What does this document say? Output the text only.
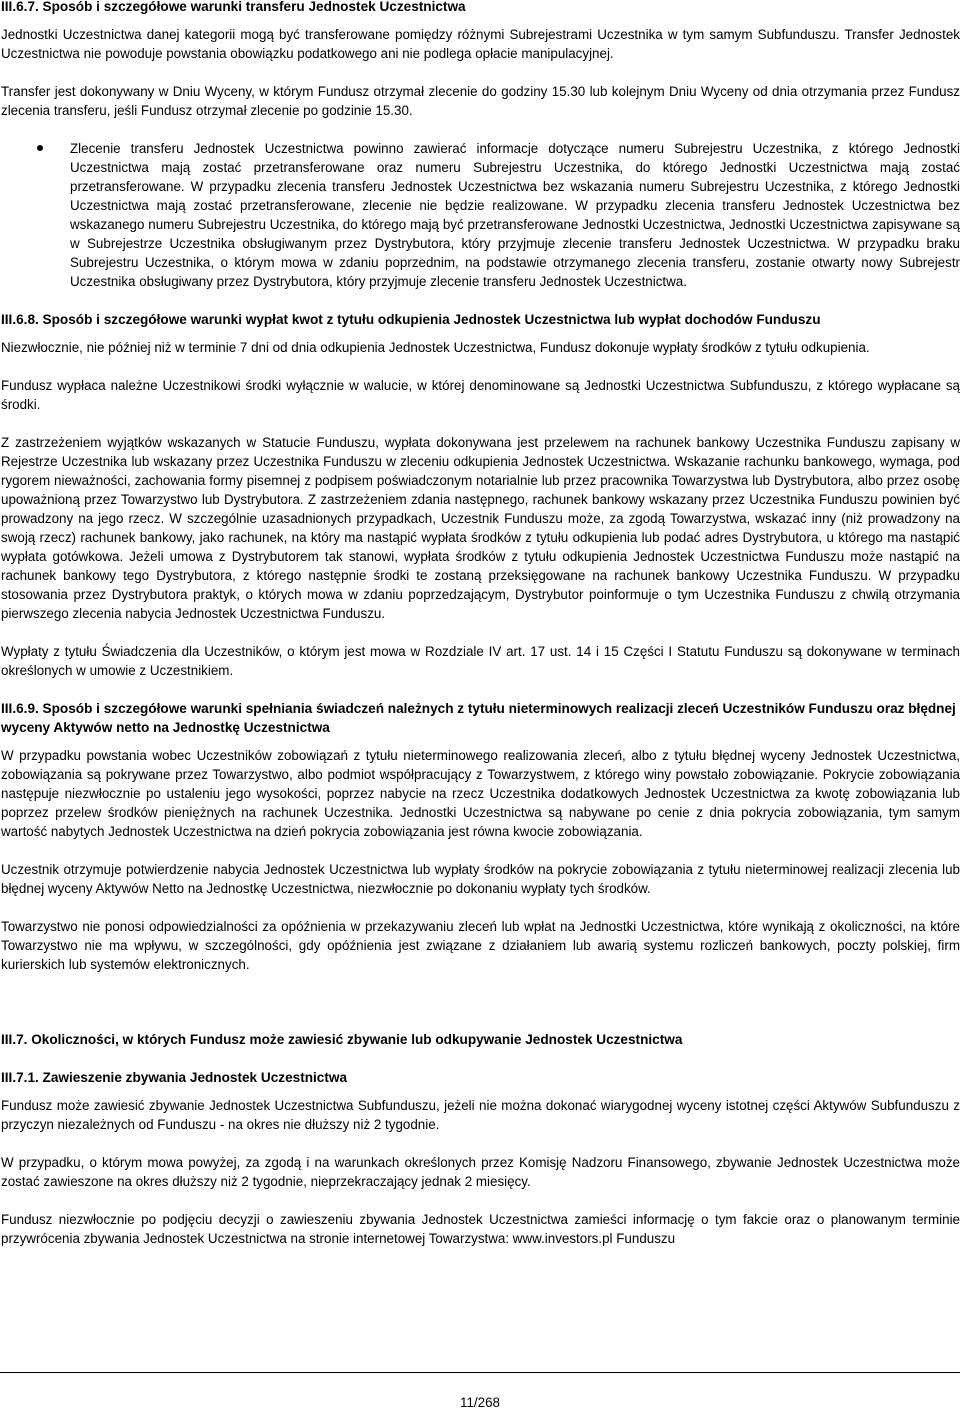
III.6.7. Sposób i szczegółowe warunki transferu Jednostek Uczestnictwa

Jednostki Uczestnictwa danej kategorii mogą być transferowane pomiędzy różnymi Subrejestrami Uczestnika w tym samym Subfunduszu. Transfer Jednostek Uczestnictwa nie powoduje powstania obowiązku podatkowego ani nie podlega opłacie manipulacyjnej.

Transfer jest dokonywany w Dniu Wyceny, w którym Fundusz otrzymał zlecenie do godziny 15.30 lub kolejnym Dniu Wyceny od dnia otrzymania przez Fundusz zlecenia transferu, jeśli Fundusz otrzymał zlecenie po godzinie 15.30.

Zlecenie transferu Jednostek Uczestnictwa powinno zawierać informacje dotyczące numeru Subrejestru Uczestnika, z którego Jednostki Uczestnictwa mają zostać przetransferowane oraz numeru Subrejestru Uczestnika, do którego Jednostki Uczestnictwa mają zostać przetransferowane. W przypadku zlecenia transferu Jednostek Uczestnictwa bez wskazania numeru Subrejestru Uczestnika, z którego Jednostki Uczestnictwa mają zostać przetransferowane, zlecenie nie będzie realizowane. W przypadku zlecenia transferu Jednostek Uczestnictwa bez wskazanego numeru Subrejestru Uczestnika, do którego mają być przetransferowane Jednostki Uczestnictwa, Jednostki Uczestnictwa zapisywane są w Subrejestrze Uczestnika obsługiwanym przez Dystrybutora, który przyjmuje zlecenie transferu Jednostek Uczestnictwa. W przypadku braku Subrejestru Uczestnika, o którym mowa w zdaniu poprzednim, na podstawie otrzymanego zlecenia transferu, zostanie otwarty nowy Subrejestr Uczestnika obsługiwany przez Dystrybutora, który przyjmuje zlecenie transferu Jednostek Uczestnictwa.

III.6.8. Sposób i szczegółowe warunki wypłat kwot z tytułu odkupienia Jednostek Uczestnictwa lub wypłat dochodów Funduszu

Niezwłocznie, nie później niż w terminie 7 dni od dnia odkupienia Jednostek Uczestnictwa, Fundusz dokonuje wypłaty środków z tytułu odkupienia.

Fundusz wypłaca należne Uczestnikowi środki wyłącznie w walucie, w której denominowane są Jednostki Uczestnictwa Subfunduszu, z którego wypłacane są środki.

Z zastrzeżeniem wyjątków wskazanych w Statucie Funduszu, wypłata dokonywana jest przelewem na rachunek bankowy Uczestnika Funduszu zapisany w Rejestrze Uczestnika lub wskazany przez Uczestnika Funduszu w zleceniu odkupienia Jednostek Uczestnictwa. Wskazanie rachunku bankowego, wymaga, pod rygorem nieważności, zachowania formy pisemnej z podpisem poświadczonym notarialnie lub przez pracownika Towarzystwa lub Dystrybutora, albo przez osobę upoważnioną przez Towarzystwo lub Dystrybutora. Z zastrzeżeniem zdania następnego, rachunek bankowy wskazany przez Uczestnika Funduszu powinien być prowadzony na jego rzecz. W szczególnie uzasadnionych przypadkach, Uczestnik Funduszu może, za zgodą Towarzystwa, wskazać inny (niż prowadzony na swoją rzecz) rachunek bankowy, jako rachunek, na który ma nastąpić wypłata środków z tytułu odkupienia lub podać adres Dystrybutora, u którego ma nastąpić wypłata gotówkowa. Jeżeli umowa z Dystrybutorem tak stanowi, wypłata środków z tytułu odkupienia Jednostek Uczestnictwa Funduszu może nastąpić na rachunek bankowy tego Dystrybutora, z którego następnie środki te zostaną przeksięgowane na rachunek bankowy Uczestnika Funduszu. W przypadku stosowania przez Dystrybutora praktyk, o których mowa w zdaniu poprzedzającym, Dystrybutor poinformuje o tym Uczestnika Funduszu z chwilą otrzymania pierwszego zlecenia nabycia Jednostek Uczestnictwa Funduszu.

Wypłaty z tytułu Świadczenia dla Uczestników, o którym jest mowa w Rozdziale IV art. 17 ust. 14 i 15 Części I Statutu Funduszu są dokonywane w terminach określonych w umowie z Uczestnikiem.

III.6.9. Sposób i szczegółowe warunki spełniania świadczeń należnych z tytułu nieterminowych realizacji zleceń Uczestników Funduszu oraz błędnej wyceny Aktywów netto na Jednostkę Uczestnictwa

W przypadku powstania wobec Uczestników zobowiązań z tytułu nieterminowego realizowania zleceń, albo z tytułu błędnej wyceny Jednostek Uczestnictwa, zobowiązania są pokrywane przez Towarzystwo, albo podmiot współpracujący z Towarzystwem, z którego winy powstało zobowiązanie. Pokrycie zobowiązania następuje niezwłocznie po ustaleniu jego wysokości, poprzez nabycie na rzecz Uczestnika dodatkowych Jednostek Uczestnictwa za kwotę zobowiązania lub poprzez przelew środków pieniężnych na rachunek Uczestnika. Jednostki Uczestnictwa są nabywane po cenie z dnia pokrycia zobowiązania, tym samym wartość nabytych Jednostek Uczestnictwa na dzień pokrycia zobowiązania jest równa kwocie zobowiązania.

Uczestnik otrzymuje potwierdzenie nabycia Jednostek Uczestnictwa lub wypłaty środków na pokrycie zobowiązania z tytułu nieterminowej realizacji zlecenia lub błędnej wyceny Aktywów Netto na Jednostkę Uczestnictwa, niezwłocznie po dokonaniu wypłaty tych środków.

Towarzystwo nie ponosi odpowiedzialności za opóźnienia w przekazywaniu zleceń lub wpłat na Jednostki Uczestnictwa, które wynikają z okoliczności, na które Towarzystwo nie ma wpływu, w szczególności, gdy opóźnienia jest związane z działaniem lub awarią systemu rozliczeń bankowych, poczty polskiej, firm kurierskich lub systemów elektronicznych.

III.7. Okoliczności, w których Fundusz może zawiesić zbywanie lub odkupywanie Jednostek Uczestnictwa
III.7.1. Zawieszenie zbywania Jednostek Uczestnictwa

Fundusz może zawiesić zbywanie Jednostek Uczestnictwa Subfunduszu, jeżeli nie można dokonać wiarygodnej wyceny istotnej części Aktywów Subfunduszu z przyczyn niezależnych od Funduszu - na okres nie dłuższy niż 2 tygodnie.

W przypadku, o którym mowa powyżej, za zgodą i na warunkach określonych przez Komisję Nadzoru Finansowego, zbywanie Jednostek Uczestnictwa może zostać zawieszone na okres dłuższy niż 2 tygodnie, nieprzekraczający jednak 2 miesięcy.

Fundusz niezwłocznie po podjęciu decyzji o zawieszeniu zbywania Jednostek Uczestnictwa zamieści informację o tym fakcie oraz o planowanym terminie przywrócenia zbywania Jednostek Uczestnictwa na stronie internetowej Towarzystwa: www.investors.pl Funduszu

11/268
